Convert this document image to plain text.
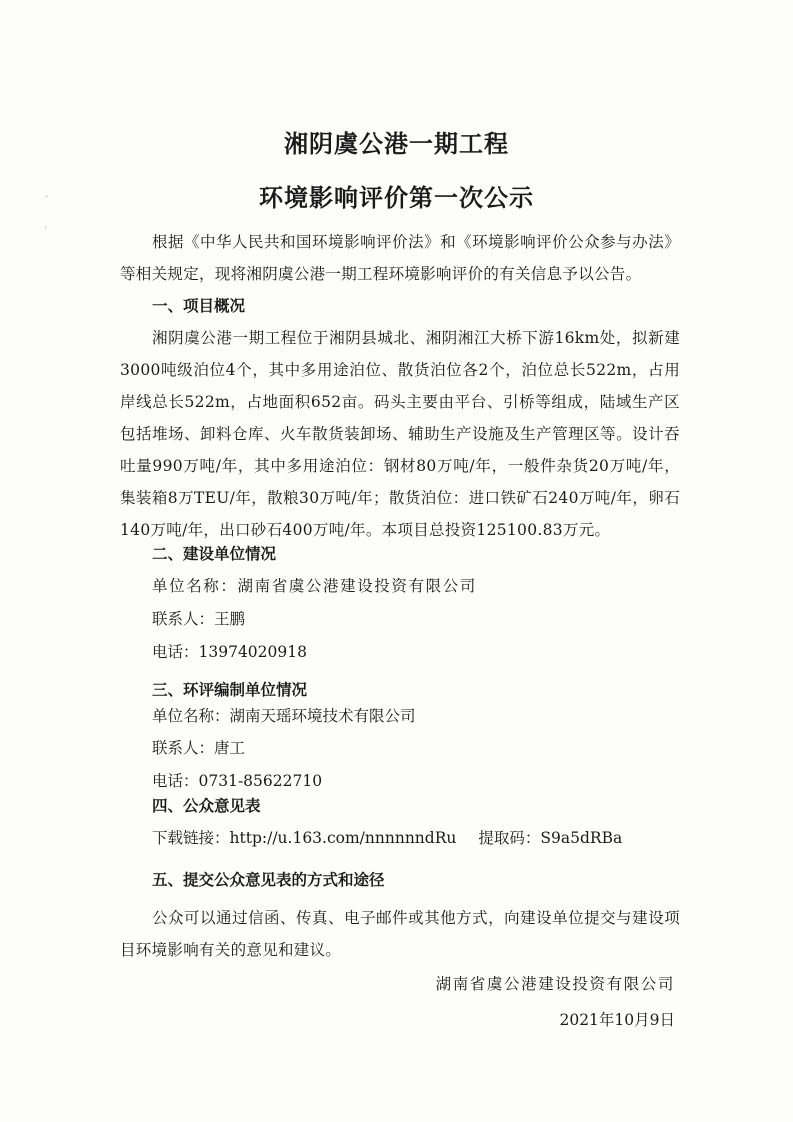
ˇ
ˈ
湘阴虞公港一期工程
环境影响评价第一次公示

根据《中华人民共和国环境影响评价法》和《环境影响评价公众参与办法》等相关规定，现将湘阴虞公港一期工程环境影响评价的有关信息予以公告。

一、项目概况

湘阴虞公港一期工程位于湘阴县城北、湘阴湘江大桥下游16km处，拟新建3000吨级泊位4个，其中多用途泊位、散货泊位各2个，泊位总长522m，占用岸线总长522m，占地面积652亩。码头主要由平台、引桥等组成，陆域生产区包括堆场、卸料仓库、火车散货装卸场、辅助生产设施及生产管理区等。设计吞吐量990万吨/年，其中多用途泊位：钢材80万吨/年，一般件杂货20万吨/年，集装箱8万TEU/年，散粮30万吨/年；散货泊位：进口铁矿石240万吨/年，卵石140万吨/年，出口砂石400万吨/年。本项目总投资125100.83万元。

二、建设单位情况
单位名称：湖南省虞公港建设投资有限公司
联系人：王鹏
电话：13974020918
三、环评编制单位情况
单位名称：湖南天瑶环境技术有限公司
联系人：唐工
电话：0731-85622710
四、公众意见表
下载链接：http://u.163.com/nnnnnndRu 提取码：S9a5dRBa
五、提交公众意见表的方式和途径

公众可以通过信函、传真、电子邮件或其他方式，向建设单位提交与建设项目环境影响有关的意见和建议。

湖南省虞公港建设投资有限公司
2021年10月9日
